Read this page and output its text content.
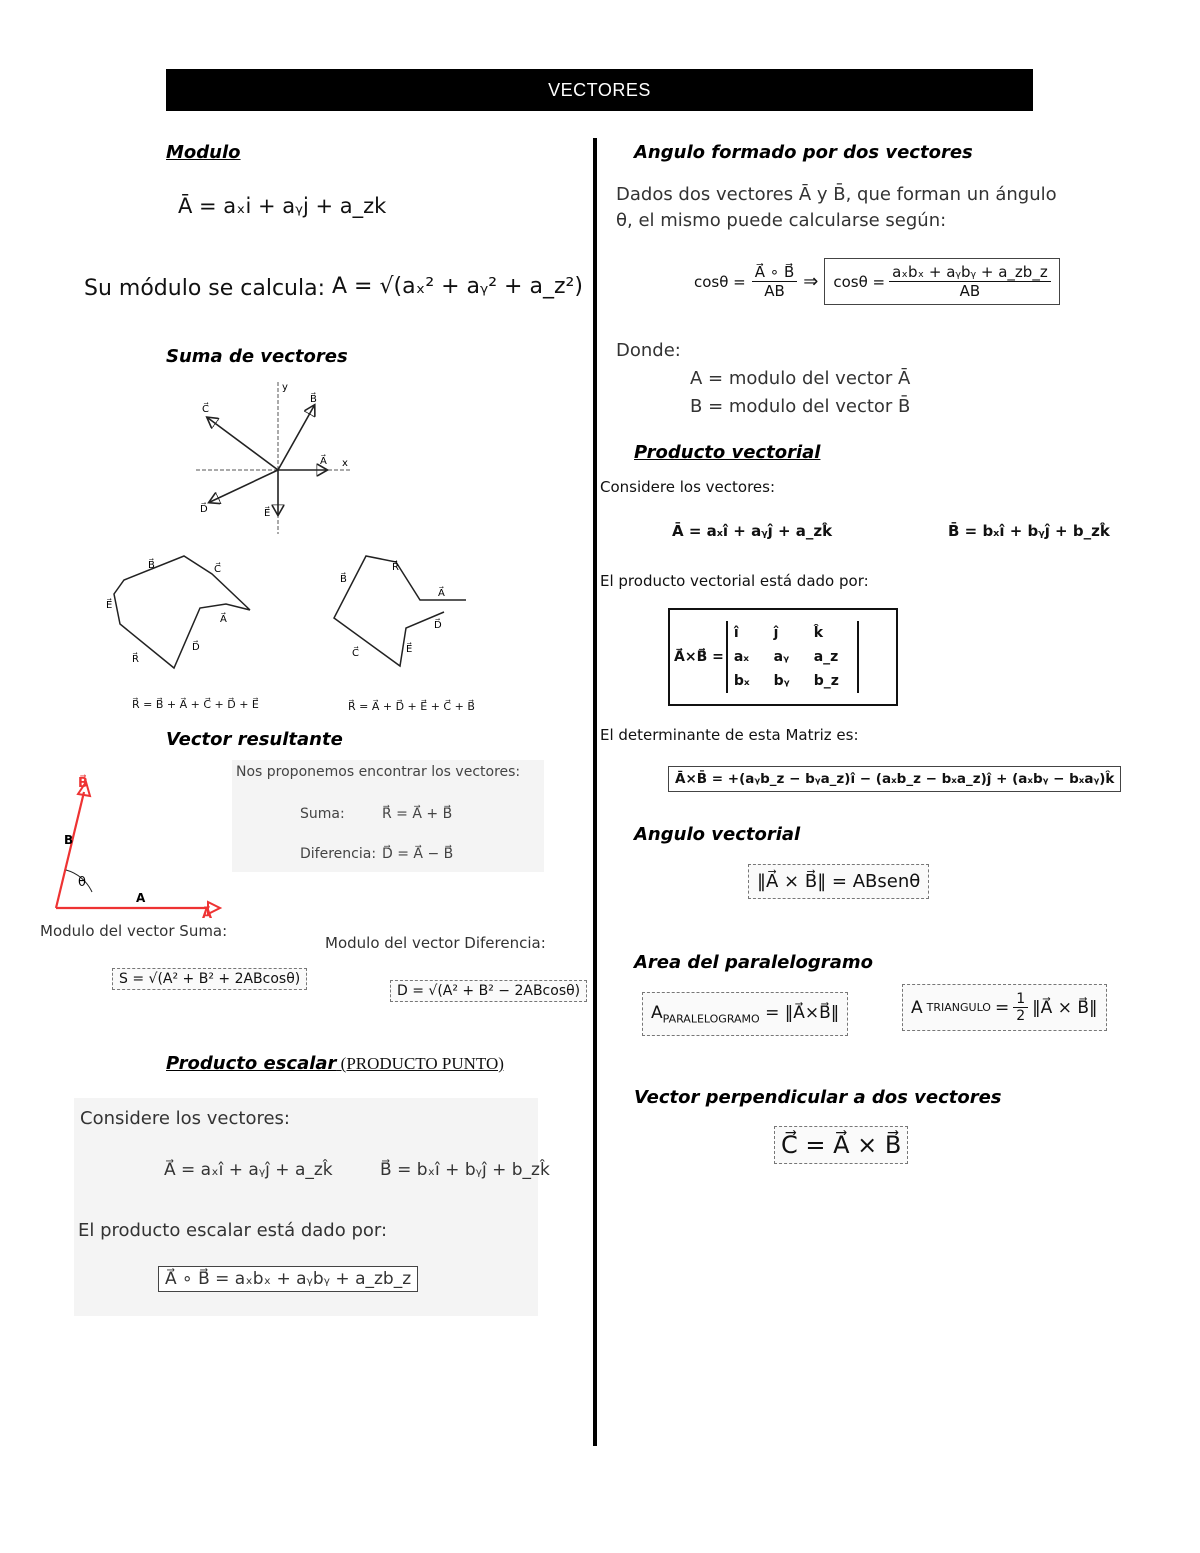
VECTORES
Modulo
Ā = aₓi + aᵧj + a_zk
Su módulo se calcula: A = √(aₓ² + aᵧ² + a_z²)
Suma de vectores
y
x
A⃗
B⃗
C⃗
D⃗	E⃗
B⃗	C⃗
E⃗
A⃗
D⃗
R⃗
R⃗
B⃗
A⃗
D⃗
C⃗	E⃗
R⃗ = B⃗ + A⃗ + C⃗ + D⃗ + E⃗	R⃗ = A⃗ + D⃗ + E⃗ + C⃗ + B⃗
Vector resultante
B⃗
A⃗
B
A
θ
Nos proponemos encontrar los vectores:
Suma:	R⃗ = A⃗ + B⃗
Diferencia: D⃗ = A⃗ − B⃗
Modulo del vector Suma:
Modulo del vector Diferencia:
S = √(A² + B² + 2ABcosθ)
D = √(A² + B² − 2ABcosθ)
Producto escalar (PRODUCTO PUNTO)
Considere los vectores:
A⃗ = aₓî + aᵧĵ + a_zk̂	B⃗ = bₓî + bᵧĵ + b_zk̂
El producto escalar está dado por:
A⃗ ∘ B⃗ = aₓbₓ + aᵧbᵧ + a_zb_z
Angulo formado por dos vectores
Dados dos vectores Ā y B̄, que forman un ángulo
θ, el mismo puede calcularse según:
$\cos\theta = \frac{A⃗ \circ B⃗}{AB}$ ⇒ $\cos\theta = \frac{\text{aₓbₓ + aᵧbᵧ + a\_zb\_z}}{AB}$
Donde:
A = modulo del vector Ā
B = modulo del vector B̄
Producto vectorial
Considere los vectores:
Ā = aₓî + aᵧĵ + a_zk̂	B̄ = bₓî + bᵧĵ + b_zk̂
El producto vectorial está dado por:
A⃗×B⃗ =
î	ĵ	k̂
aₓ	aᵧ	a_z
bₓ	bᵧ	b_z
El determinante de esta Matriz es:
Ā×B̄ = +(aᵧb_z − bᵧa_z)î − (aₓb_z − bₓa_z)ĵ + (aₓbᵧ − bₓaᵧ)k̂
Angulo vectorial
‖A⃗ × B⃗‖ = ABsenθ
Area del paralelogramo
$A_{PARALELOGRAMO}$ = ‖A⃗×B⃗‖	A TRIANGULO = $\frac{1}{2}$ ‖A⃗ × B⃗‖
Vector perpendicular a dos vectores
C⃗ = A⃗ × B⃗
